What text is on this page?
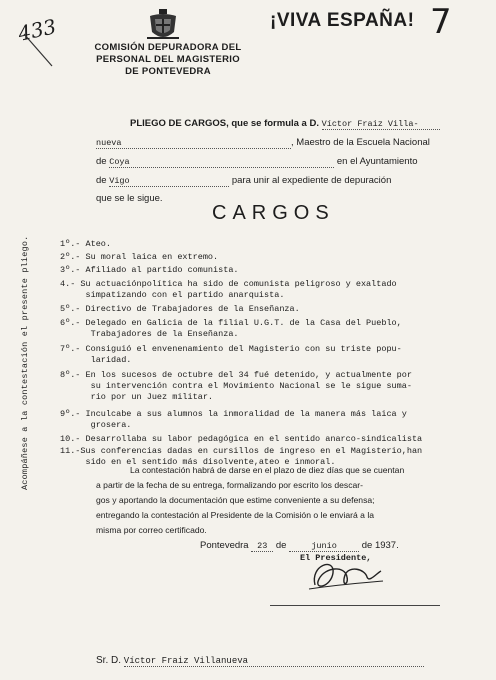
433	7
COMISIÓN DEPURADORA DEL
PERSONAL DEL MAGISTERIO
DE PONTEVEDRA
¡VIVA ESPAÑA!
Acompáñese a la contestación el presente pliego.
PLIEGO DE CARGOS, que se formula a D. Víctor Fraiz Villa-
nueva	, Maestro de la Escuela Nacional
de Coya	en el Ayuntamiento
de Vigo	para unir al expediente de depuración
que se le sigue.
CARGOS
1º.- Ateo.
2º.- Su moral laica en extremo.
3º.- Afiliado al partido comunista.
4.- Su actuaciónpolítica ha sido de comunista peligroso y exaltado
simpatizando con el partido anarquista.
5º.- Directivo de Trabajadores de la Enseñanza.
6º.- Delegado en Galicia de la filial U.G.T. de la Casa del Pueblo,
Trabajadores de la Enseñanza.
7º.- Consiguió el envenenamiento del Magisterio con su triste popu-
laridad.
8º.- En los sucesos de octubre del 34 fué detenido, y actualmente por
su intervención contra el Movimiento Nacional se le sigue suma-
rio por un Juez militar.
9º.- Inculcabe a sus alumnos la inmoralidad de la manera más laica y
grosera.
10.- Desarrollaba su labor pedagógica en el sentido anarco-sindicalista
11.-Sus conferencias dadas en cursillos de ingreso en el Magisterio,han
sido en el sentido más disolvente,ateo e inmoral.
La contestación habrá de darse en el plazo de diez días que se cuentan
a partir de la fecha de su entrega, formalizando por escrito los descar-
gos y aportando la documentación que estime conveniente a su defensa;
entregando la contestación al Presidente de la Comisión o le enviará a la
misma por correo certificado.
Pontevedra 23 de	junio	de 1937.
El Presidente,
Sr. D. Víctor Fraiz Villanueva
